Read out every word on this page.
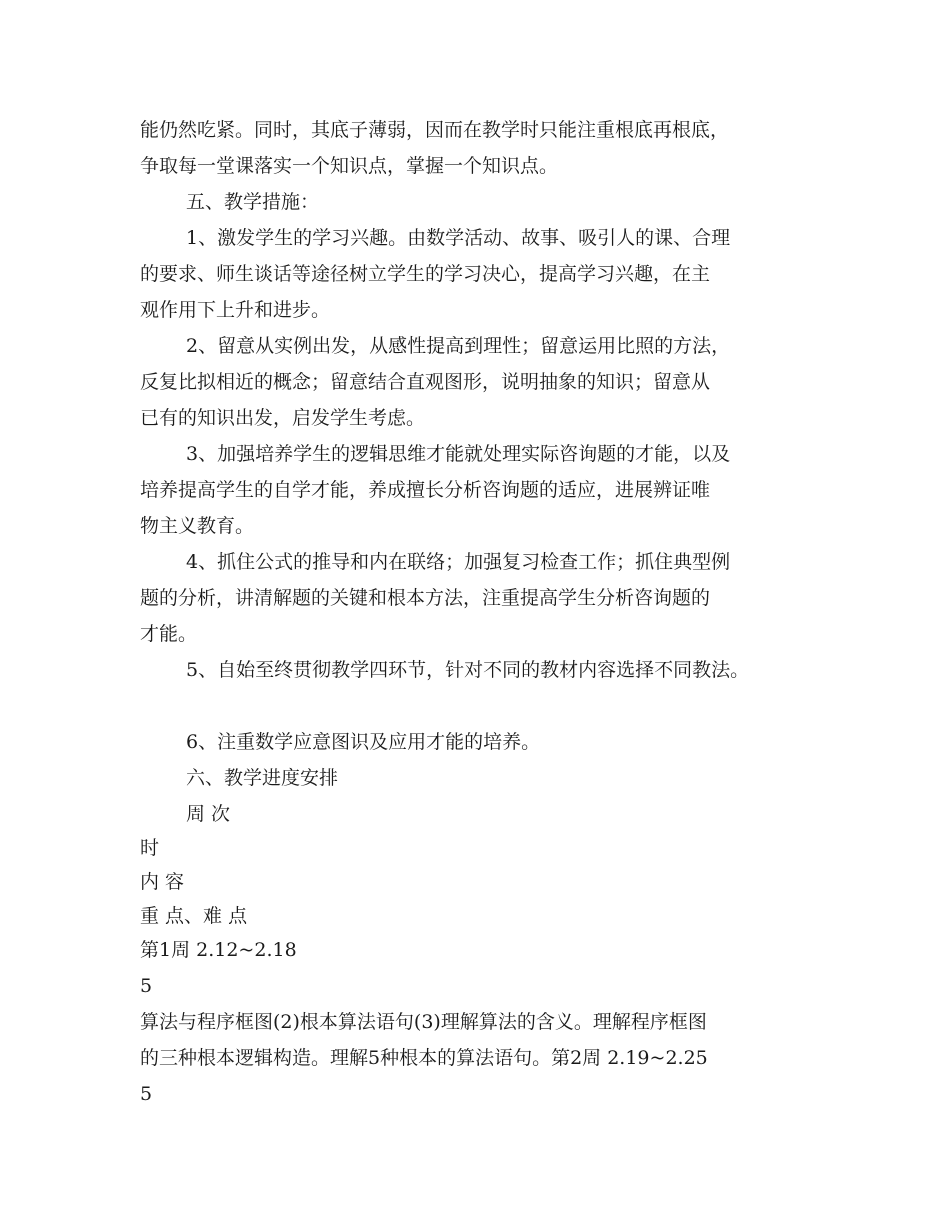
能仍然吃紧。同时，其底子薄弱，因而在教学时只能注重根底再根底，

争取每一堂课落实一个知识点，掌握一个知识点。

五、教学措施：

1、激发学生的学习兴趣。由数学活动、故事、吸引人的课、合理

的要求、师生谈话等途径树立学生的学习决心，提高学习兴趣，在主

观作用下上升和进步。

2、留意从实例出发，从感性提高到理性；留意运用比照的方法，

反复比拟相近的概念；留意结合直观图形，说明抽象的知识；留意从

已有的知识出发，启发学生考虑。

3、加强培养学生的逻辑思维才能就处理实际咨询题的才能，以及

培养提高学生的自学才能，养成擅长分析咨询题的适应，进展辨证唯

物主义教育。

4、抓住公式的推导和内在联络；加强复习检查工作；抓住典型例

题的分析，讲清解题的关键和根本方法，注重提高学生分析咨询题的

才能。

5、自始至终贯彻教学四环节，针对不同的教材内容选择不同教法。

6、注重数学应意图识及应用才能的培养。

六、教学进度安排

周 次

时

内 容

重 点、难 点

第1周 2.12~2.18

5

算法与程序框图(2)根本算法语句(3)理解算法的含义。理解程序框图

的三种根本逻辑构造。理解5种根本的算法语句。第2周 2.19~2.25

5
